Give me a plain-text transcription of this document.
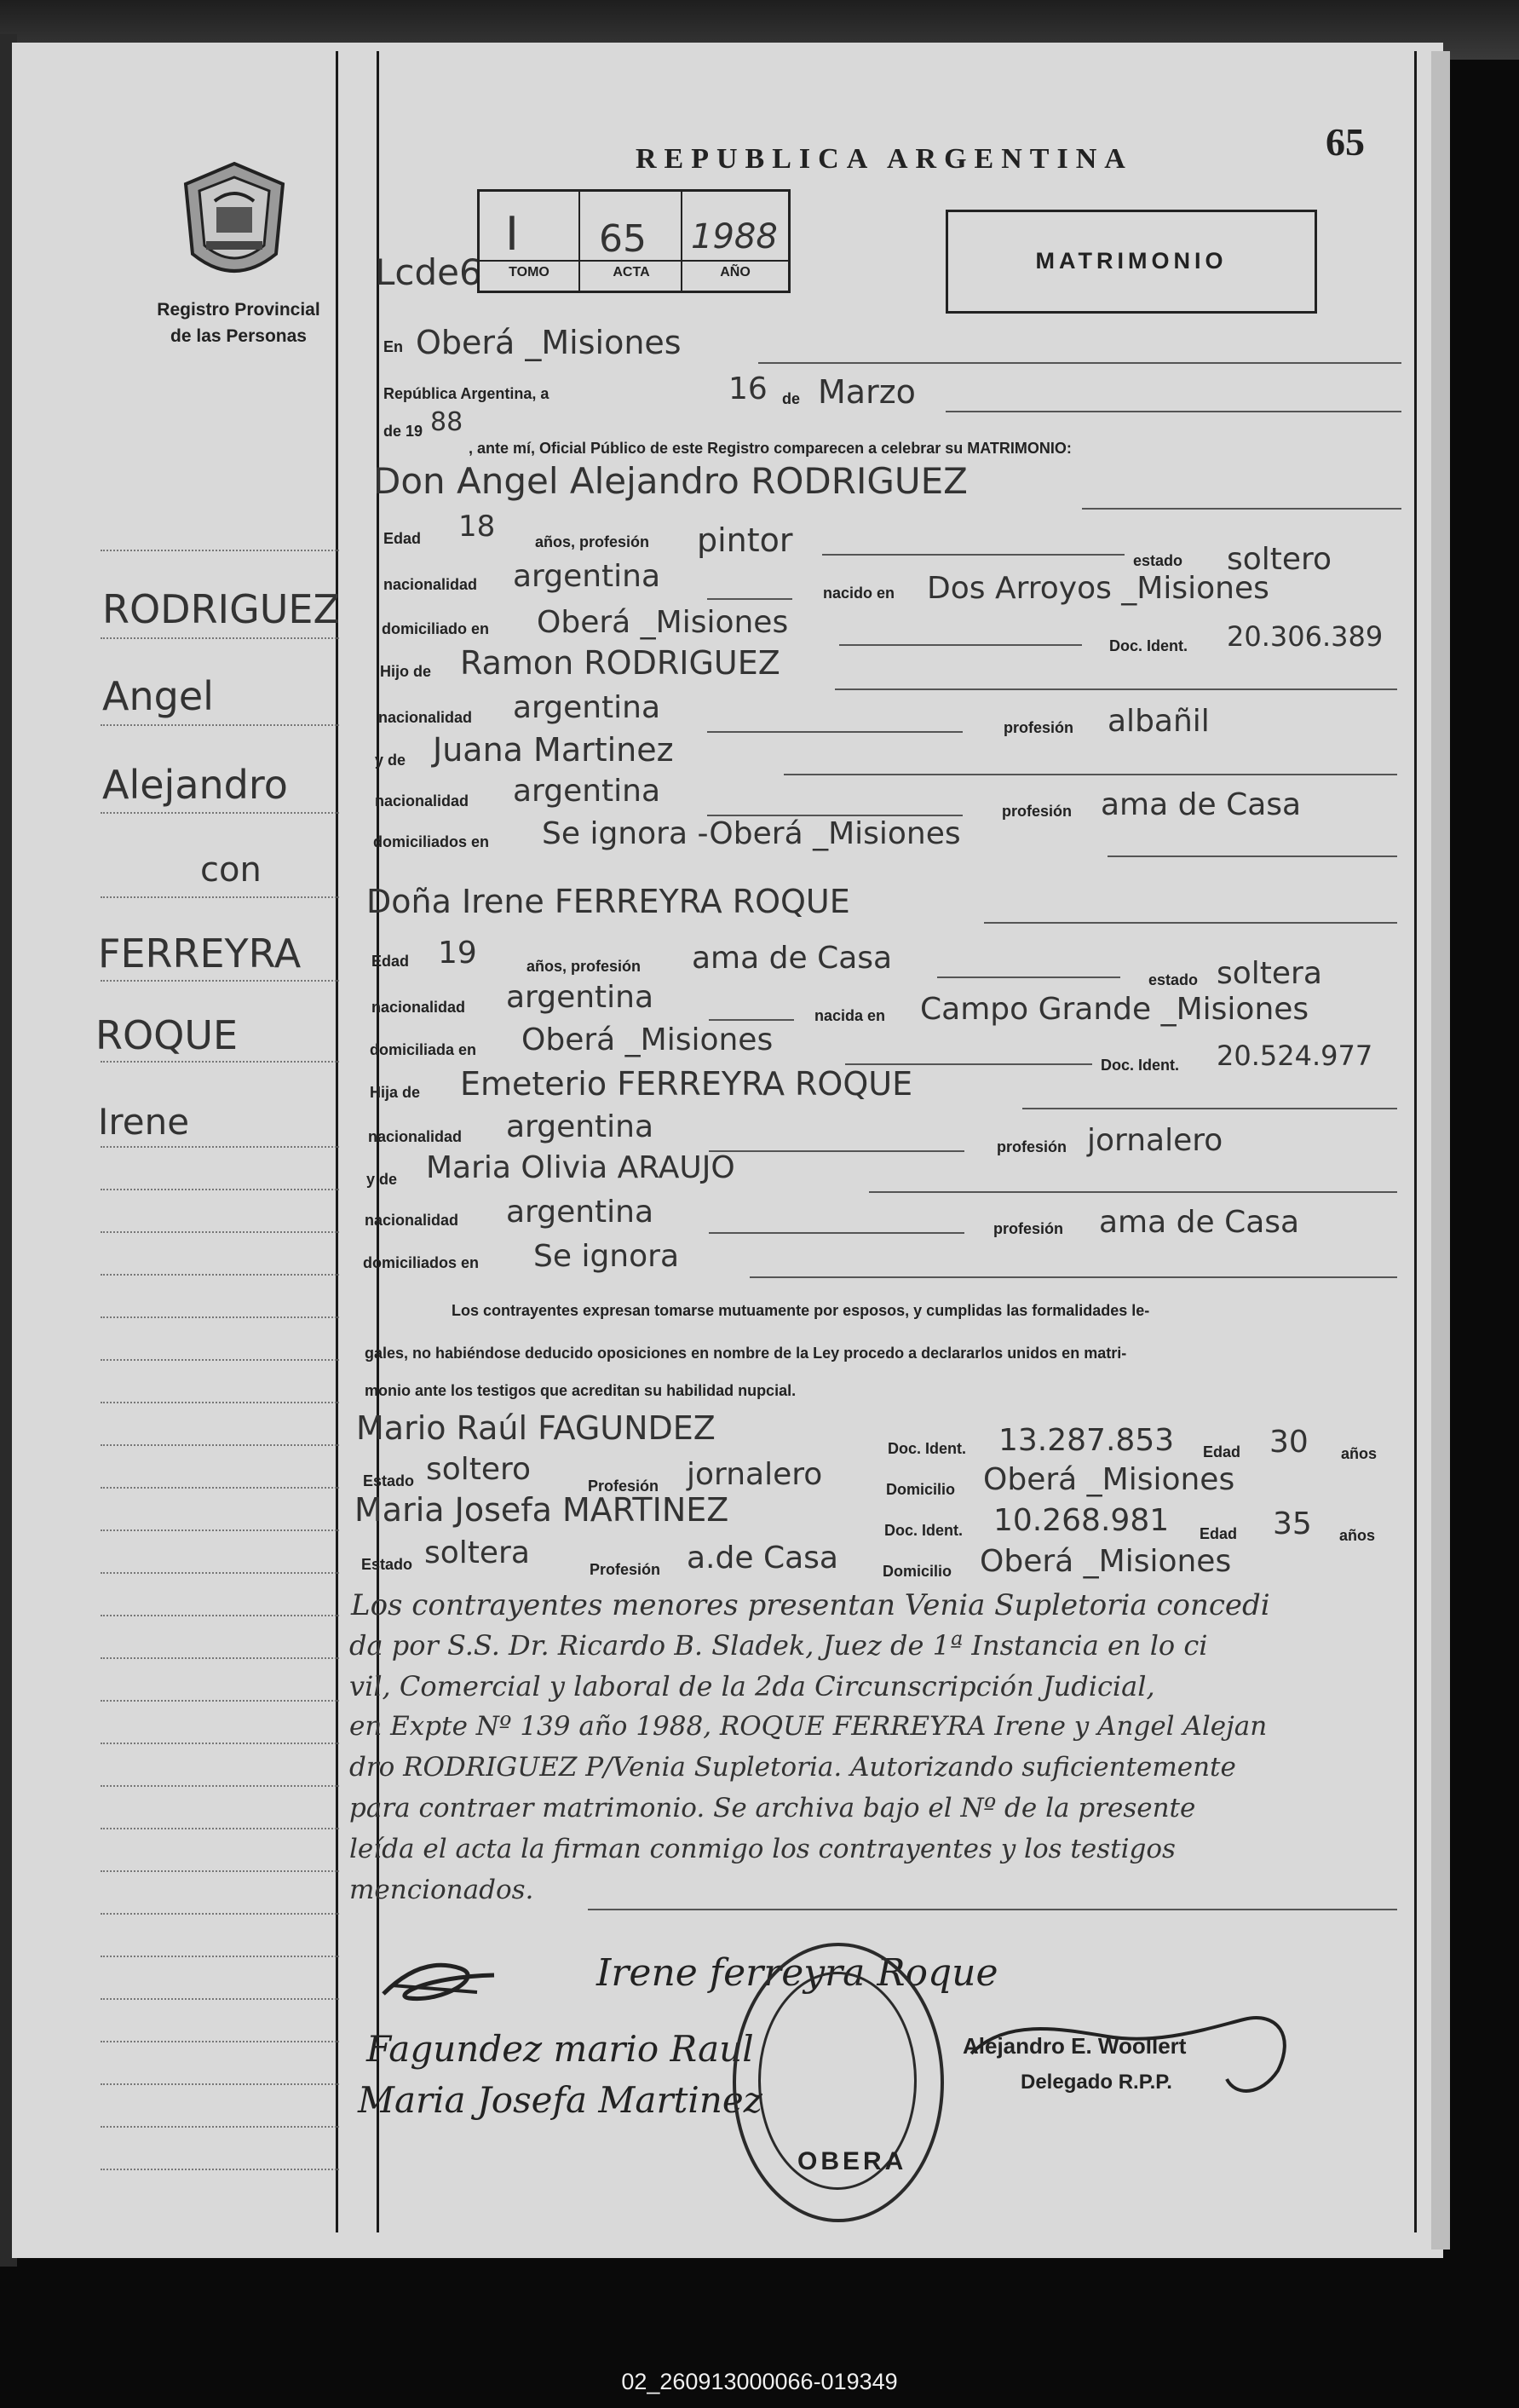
65
Registro Provincial
de las Personas
REPUBLICA ARGENTINA
Lcde6
I 65 1988
TOMO	ACTA	AÑO	MATRIMONIO
RODRIGUEZ
Angel
Alejandro
con
FERREYRA
ROQUE
Irene
En Oberá _Misiones
República Argentina, a	16 de Marzo
de 19 88
, ante mí, Oficial Público de este Registro comparecen a celebrar su MATRIMONIO:
Don Angel Alejandro RODRIGUEZ
Edad 18	años, profesión pintor
estado soltero
nacionalidad argentina	nacido en Dos Arroyos _Misiones
domiciliado en Oberá _Misiones
Doc. Ident. 20.306.389
Hijo de Ramon RODRIGUEZ
nacionalidad argentina
profesión albañil
y de Juana Martinez
nacionalidad argentina
profesión ama de Casa
domiciliados en Se ignora -Oberá _Misiones
Doña Irene FERREYRA ROQUE
Edad 19	años, profesión ama de Casa
estado soltera
nacionalidad argentina
nacida en Campo Grande _Misiones
domiciliada en Oberá _Misiones
Doc. Ident. 20.524.977
Hija de Emeterio FERREYRA ROQUE
nacionalidad argentina
profesión jornalero
y de Maria Olivia ARAUJO
nacionalidad argentina	profesión ama de Casa
domiciliados en Se ignora
Los contrayentes expresan tomarse mutuamente por esposos, y cumplidas las formalidades le-
gales, no habiéndose deducido oposiciones en nombre de la Ley procedo a declararlos unidos en matri-
monio ante los testigos que acreditan su habilidad nupcial.
Mario Raúl FAGUNDEZ
Doc. Ident. 13.287.853 Edad 30 años
Estado soltero	Profesión jornalero	Domicilio Oberá _Misiones
Maria Josefa MARTINEZ
Doc. Ident. 10.268.981 Edad 35 años
Estado soltera	Profesión a.de Casa	Domicilio Oberá _Misiones
Los contrayentes menores presentan Venia Supletoria concedi
da por S.S. Dr. Ricardo B. Sladek, Juez de 1ª Instancia en lo ci
vil, Comercial y laboral de la 2da Circunscripción Judicial,
en Expte Nº 139 año 1988, ROQUE FERREYRA Irene y Angel Alejan
dro RODRIGUEZ P/Venia Supletoria. Autorizando suficientemente
para contraer matrimonio. Se archiva bajo el Nº de la presente
leída el acta la firman conmigo los contrayentes y los testigos
mencionados.
Irene ferreyra Roque
Fagundez mario Raul
Maria Josefa Martinez
OBERA
Alejandro E. Woollert
Delegado R.P.P.
02_260913000066-019349
